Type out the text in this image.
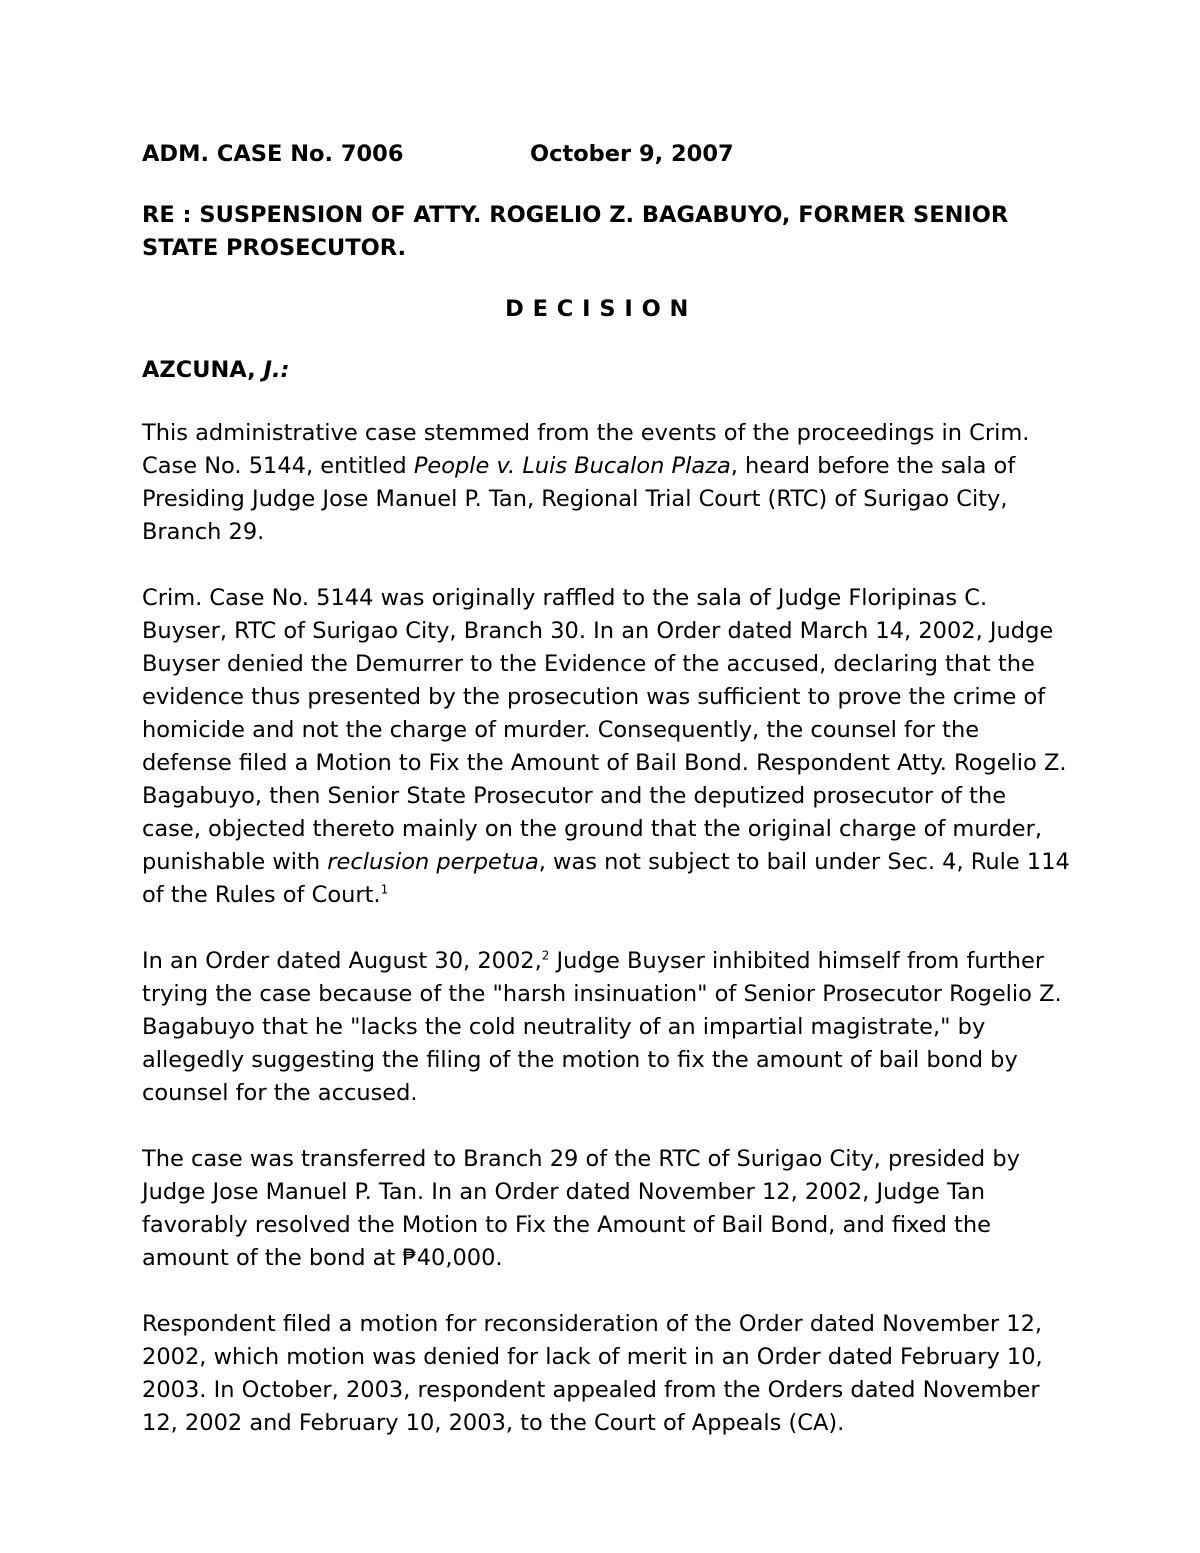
ADM. CASE No. 7006	October 9, 2007
RE : SUSPENSION OF ATTY. ROGELIO Z. BAGABUYO, FORMER SENIOR STATE PROSECUTOR.
D E C I S I O N
AZCUNA, J.:

This administrative case stemmed from the events of the proceedings in Crim. Case No. 5144, entitled People v. Luis Bucalon Plaza, heard before the sala of Presiding Judge Jose Manuel P. Tan, Regional Trial Court (RTC) of Surigao City, Branch 29.

Crim. Case No. 5144 was originally raffled to the sala of Judge Floripinas C. Buyser, RTC of Surigao City, Branch 30. In an Order dated March 14, 2002, Judge Buyser denied the Demurrer to the Evidence of the accused, declaring that the evidence thus presented by the prosecution was sufficient to prove the crime of homicide and not the charge of murder. Consequently, the counsel for the defense filed a Motion to Fix the Amount of Bail Bond. Respondent Atty. Rogelio Z. Bagabuyo, then Senior State Prosecutor and the deputized prosecutor of the case, objected thereto mainly on the ground that the original charge of murder, punishable with reclusion perpetua, was not subject to bail under Sec. 4, Rule 114 of the Rules of Court.$^1$

In an Order dated August 30, 2002,$^2$ Judge Buyser inhibited himself from further trying the case because of the "harsh insinuation" of Senior Prosecutor Rogelio Z. Bagabuyo that he "lacks the cold neutrality of an impartial magistrate," by allegedly suggesting the filing of the motion to fix the amount of bail bond by counsel for the accused.

The case was transferred to Branch 29 of the RTC of Surigao City, presided by Judge Jose Manuel P. Tan. In an Order dated November 12, 2002, Judge Tan favorably resolved the Motion to Fix the Amount of Bail Bond, and fixed the amount of the bond at ₱40,000.

Respondent filed a motion for reconsideration of the Order dated November 12, 2002, which motion was denied for lack of merit in an Order dated February 10, 2003. In October, 2003, respondent appealed from the Orders dated November 12, 2002 and February 10, 2003, to the Court of Appeals (CA).
